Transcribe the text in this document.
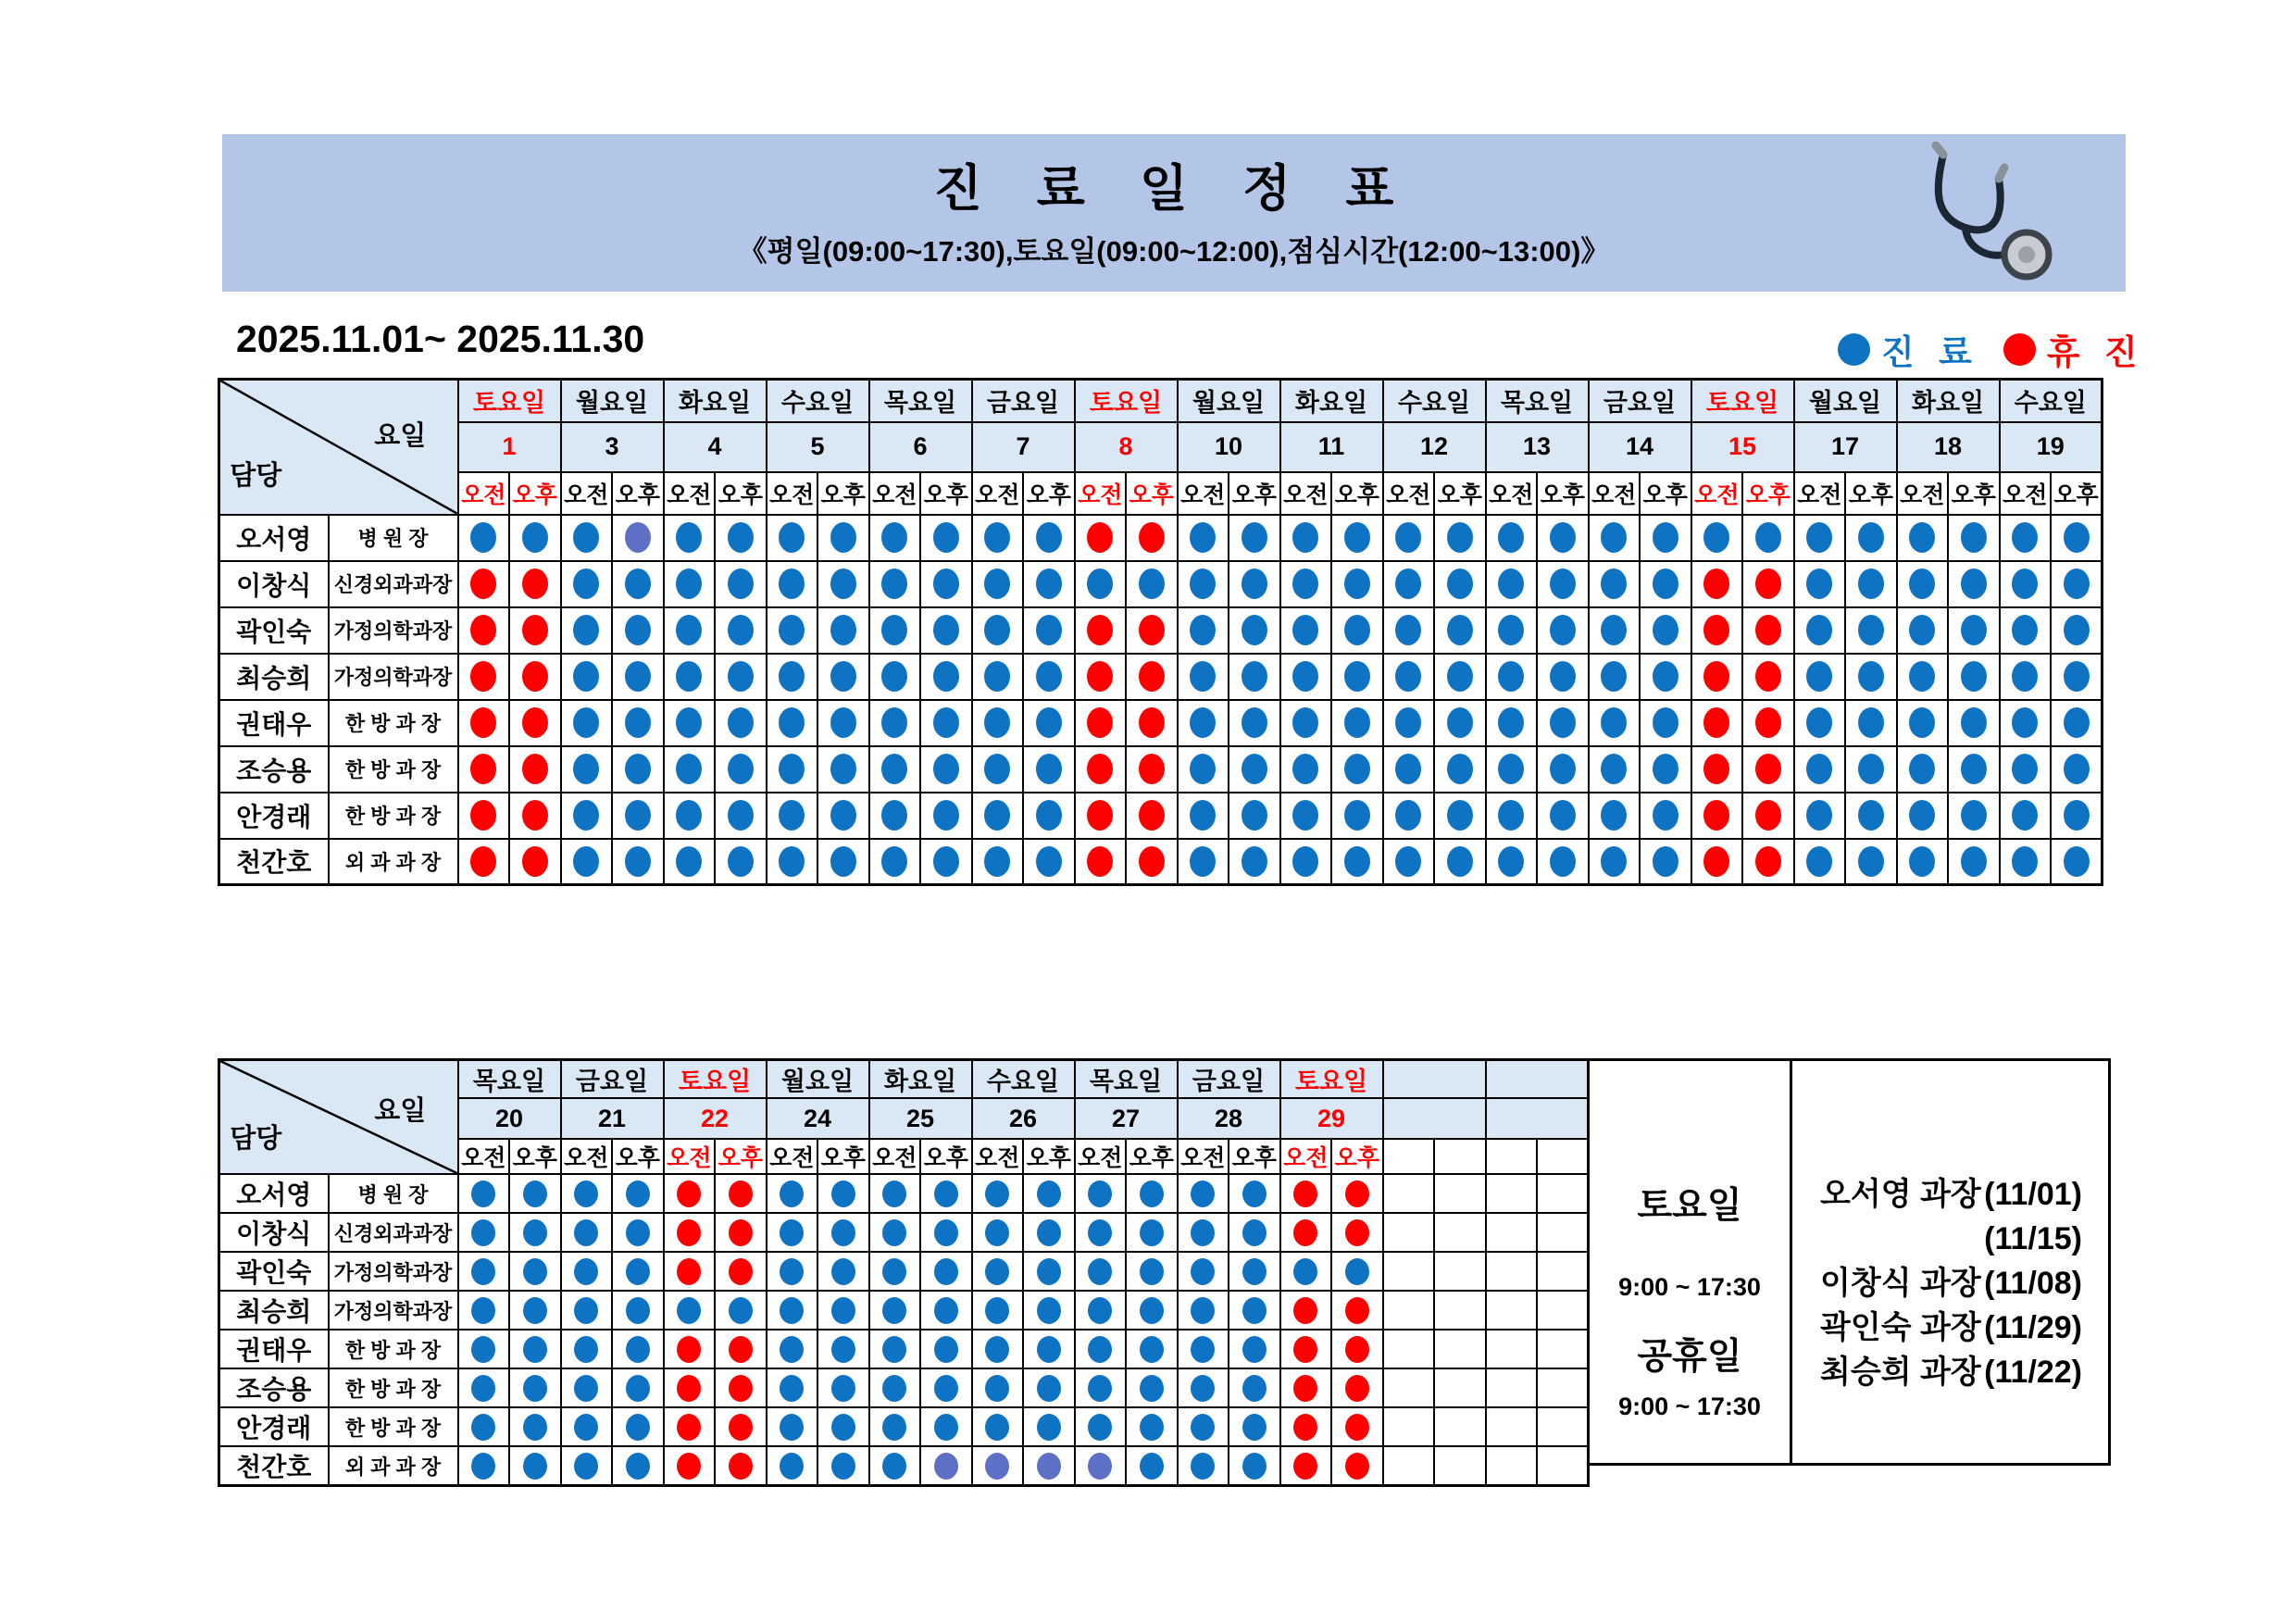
진 료 일 정 표
《평일(09:00~17:30),토요일(09:00~12:00),점심시간(12:00~13:00)》
2025.11.01~ 2025.11.30	진 료 휴 진
요일
담당		토요일		월요일		화요일		수요일		목요일		금요일		토요일		월요일		화요일		수요일		목요일		금요일		토요일		월요일		화요일		수요일	
		1		3		4		5		6		7		8		10		11		12		13		14		15		17		18		19	
		오전	오후	오전	오후	오전	오후	오전	오후	오전	오후	오전	오후	오전	오후	오전	오후	오전	오후	오전	오후	오전	오후	오전	오후	오전	오후	오전	오후	오전	오후	오전	오후
오서영	병 원 장																																
이창식	신경외과과장																																
곽인숙	가정의학과장																																
최승희	가정의학과장																																
권태우	한 방 과 장																																
조승용	한 방 과 장																																
안경래	한 방 과 장																																
천간호	외 과 과 장																																
요일
담당		목요일		금요일		토요일		월요일		화요일		수요일		목요일		금요일		토요일					
		20		21		22		24		25		26		27		28		29					
		오전	오후	오전	오후	오전	오후	오전	오후	오전	오후	오전	오후	오전	오후	오전	오후	오전	오후				
오서영	병 원 장																						
이창식	신경외과과장																						
곽인숙	가정의학과장																						
최승희	가정의학과장																						
권태우	한 방 과 장																						
조승용	한 방 과 장																						
안경래	한 방 과 장																						
천간호	외 과 과 장																						
토요일
9:00 ~ 17:30
공휴일
9:00 ~ 17:30
오서영 과장 (11/01)
(11/15)
이창식 과장 (11/08)
곽인숙 과장 (11/29)
최승희 과장 (11/22)
